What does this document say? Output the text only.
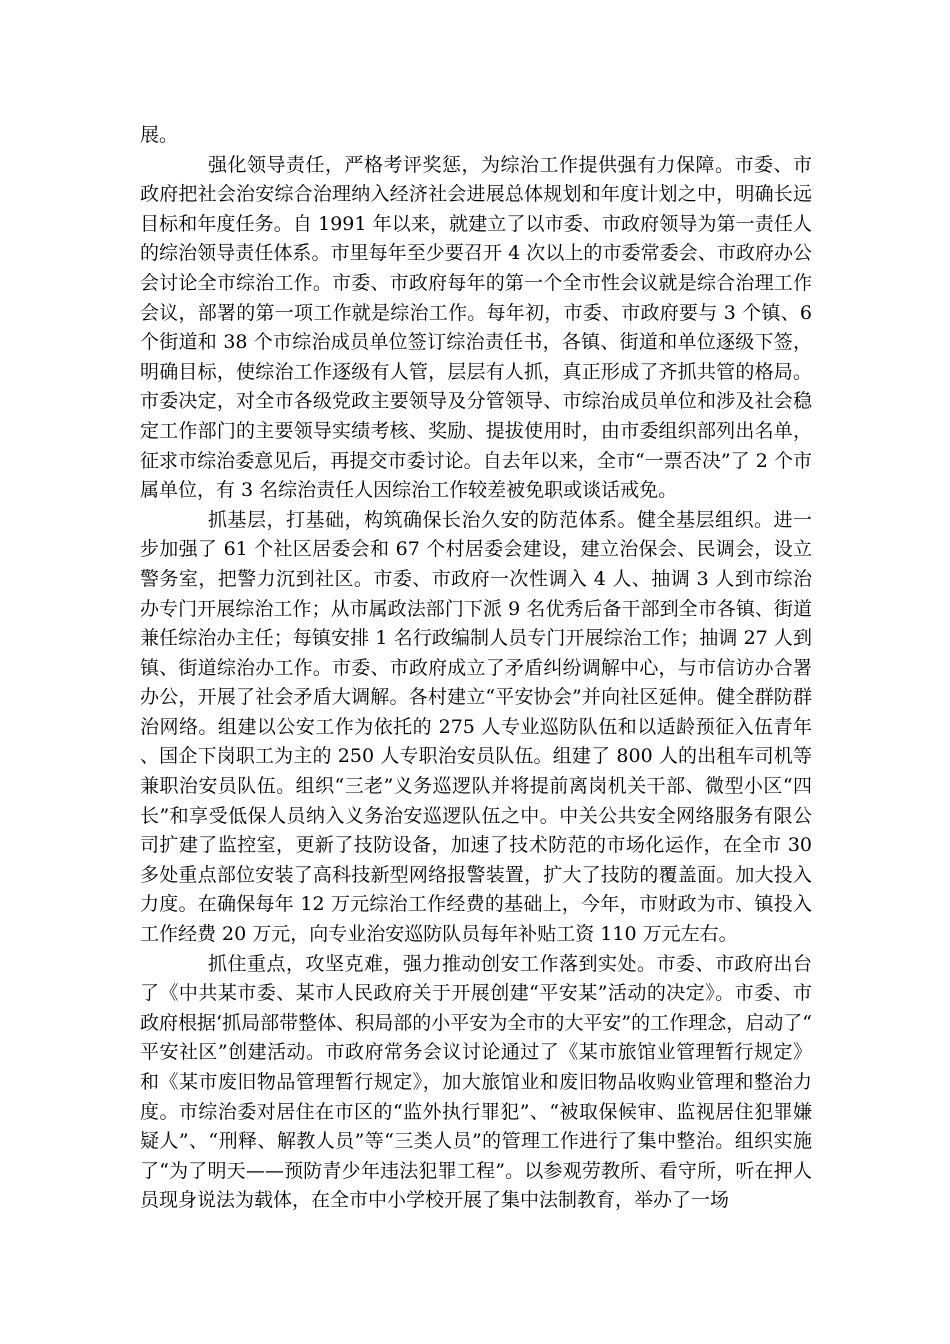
展。

强化领导责任，严格考评奖惩，为综治工作提供强有力保障。市委、市政府把社会治安综合治理纳入经济社会进展总体规划和年度计划之中，明确长远目标和年度任务。自 1991 年以来，就建立了以市委、市政府领导为第一责任人的综治领导责任体系。市里每年至少要召开 4 次以上的市委常委会、市政府办公会讨论全市综治工作。市委、市政府每年的第一个全市性会议就是综合治理工作会议，部署的第一项工作就是综治工作。每年初，市委、市政府要与 3 个镇、6 个街道和 38 个市综治成员单位签订综治责任书，各镇、街道和单位逐级下签，明确目标，使综治工作逐级有人管，层层有人抓，真正形成了齐抓共管的格局。市委决定，对全市各级党政主要领导及分管领导、市综治成员单位和涉及社会稳定工作部门的主要领导实绩考核、奖励、提拔使用时，由市委组织部列出名单，征求市综治委意见后，再提交市委讨论。自去年以来，全市“一票否决”了 2 个市属单位，有 3 名综治责任人因综治工作较差被免职或谈话戒免。

抓基层，打基础，构筑确保长治久安的防范体系。健全基层组织。进一步加强了 61 个社区居委会和 67 个村居委会建设，建立治保会、民调会，设立警务室，把警力沉到社区。市委、市政府一次性调入 4 人、抽调 3 人到市综治办专门开展综治工作；从市属政法部门下派 9 名优秀后备干部到全市各镇、街道兼任综治办主任；每镇安排 1 名行政编制人员专门开展综治工作；抽调 27 人到镇、街道综治办工作。市委、市政府成立了矛盾纠纷调解中心，与市信访办合署办公，开展了社会矛盾大调解。各村建立“平安协会”并向社区延伸。健全群防群治网络。组建以公安工作为依托的 275 人专业巡防队伍和以适龄预征入伍青年、国企下岗职工为主的 250 人专职治安员队伍。组建了 800 人的出租车司机等兼职治安员队伍。组织“三老”义务巡逻队并将提前离岗机关干部、微型小区“四长”和享受低保人员纳入义务治安巡逻队伍之中。中关公共安全网络服务有限公司扩建了监控室，更新了技防设备，加速了技术防范的市场化运作，在全市 30 多处重点部位安装了高科技新型网络报警装置，扩大了技防的覆盖面。加大投入力度。在确保每年 12 万元综治工作经费的基础上，今年，市财政为市、镇投入工作经费 20 万元，向专业治安巡防队员每年补贴工资 110 万元左右。

抓住重点，攻坚克难，强力推动创安工作落到实处。市委、市政府出台了《中共某市委、某市人民政府关于开展创建“平安某”活动的决定》。市委、市政府根据‘抓局部带整体、积局部的小平安为全市的大平安”的工作理念，启动了“平安社区”创建活动。市政府常务会议讨论通过了《某市旅馆业管理暂行规定》和《某市废旧物品管理暂行规定》，加大旅馆业和废旧物品收购业管理和整治力度。市综治委对居住在市区的“监外执行罪犯”、“被取保候审、监视居住犯罪嫌疑人”、“刑释、解教人员”等“三类人员”的管理工作进行了集中整治。组织实施了“为了明天——预防青少年违法犯罪工程”。以参观劳教所、看守所，听在押人员现身说法为载体，在全市中小学校开展了集中法制教育，举办了一场
